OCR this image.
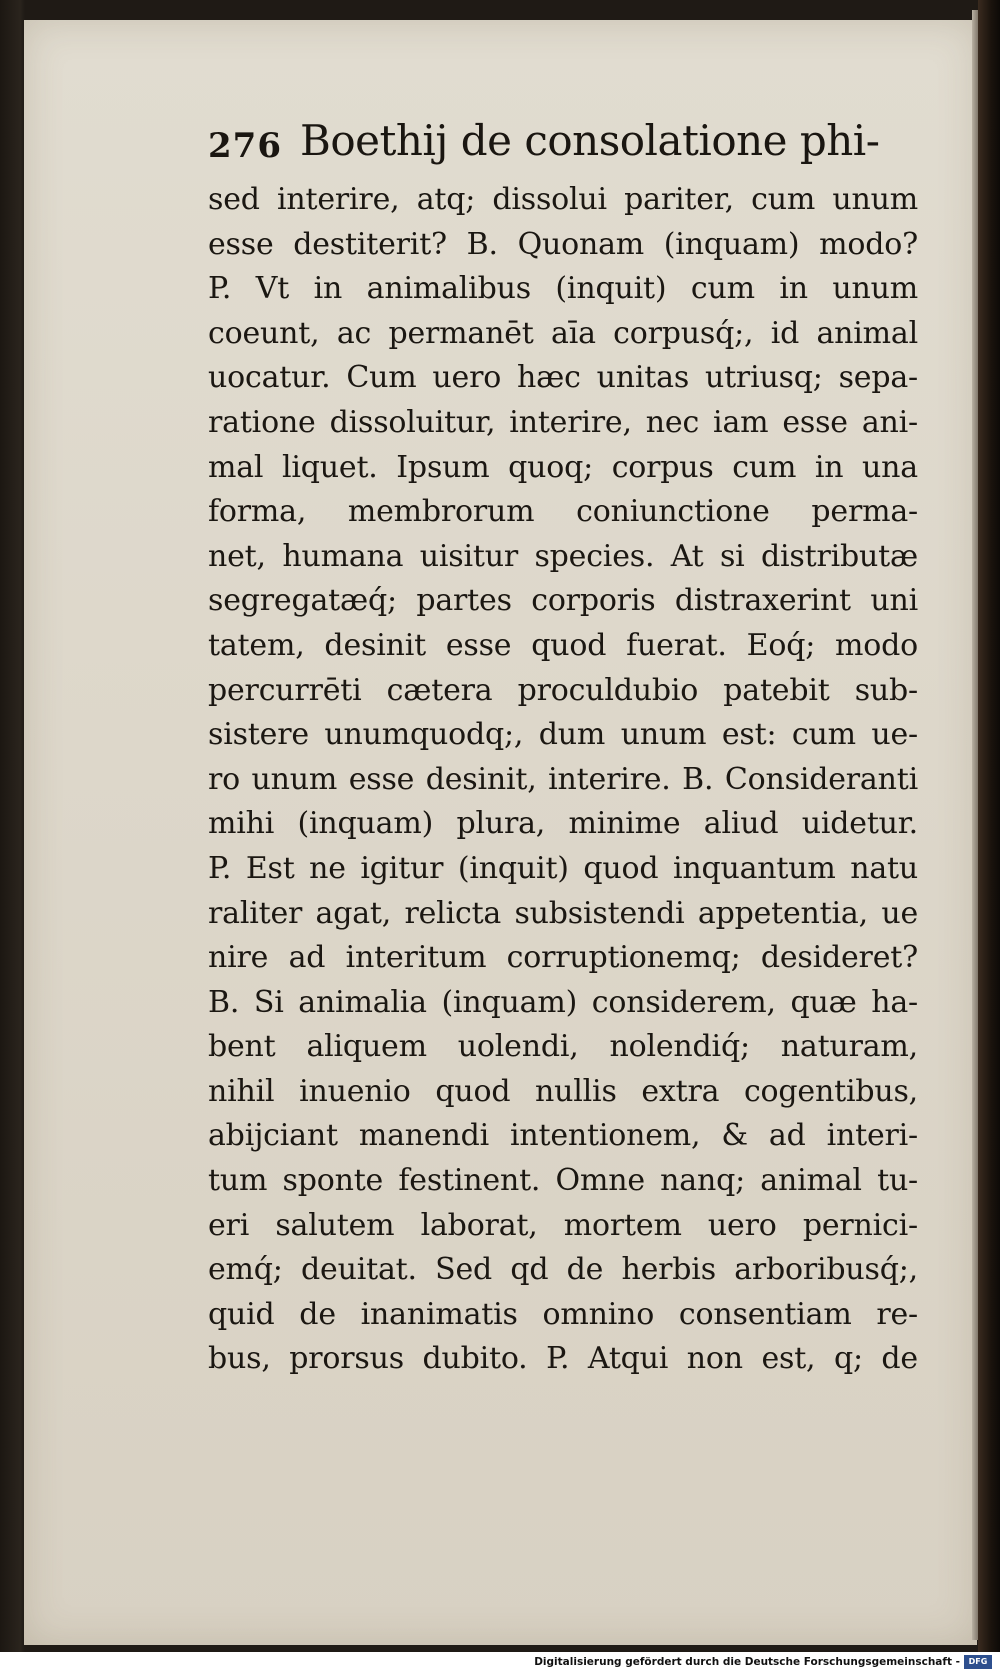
276 Boethij de consolatione phi-
sed interire, atq; dissolui pariter, cum unum
esse destiterit? B. Quonam (inquam) modo?
P. Vt in animalibus (inquit) cum in unum
coeunt, ac permanēt aīa corpusq́;, id animal
uocatur. Cum uero hæc unitas utriusq; sepa-
ratione dissoluitur, interire, nec iam esse ani-
mal liquet. Ipsum quoq; corpus cum in una
forma, membrorum coniunctione perma-
net, humana uisitur species. At si distributæ
segregatæq́; partes corporis distraxerint uni
tatem, desinit esse quod fuerat. Eoq́; modo
percurrēti cætera proculdubio patebit sub-
sistere unumquodq;, dum unum est: cum ue-
ro unum esse desinit, interire. B. Consideranti
mihi (inquam) plura, minime aliud uidetur.
P. Est ne igitur (inquit) quod inquantum natu
raliter agat, relicta subsistendi appetentia, ue
nire ad interitum corruptionemq; desideret?
B. Si animalia (inquam) considerem, quæ ha-
bent aliquem uolendi, nolendiq́; naturam,
nihil inuenio quod nullis extra cogentibus,
abijciant manendi intentionem, & ad interi-
tum sponte festinent. Omne nanq; animal tu-
eri salutem laborat, mortem uero pernici-
emq́; deuitat. Sed qd de herbis arboribusq́;,
quid de inanimatis omnino consentiam re-
bus, prorsus dubito. P. Atqui non est, q; de
Digitalisierung gefördert durch die Deutsche Forschungsgemeinschaft -	DFG
